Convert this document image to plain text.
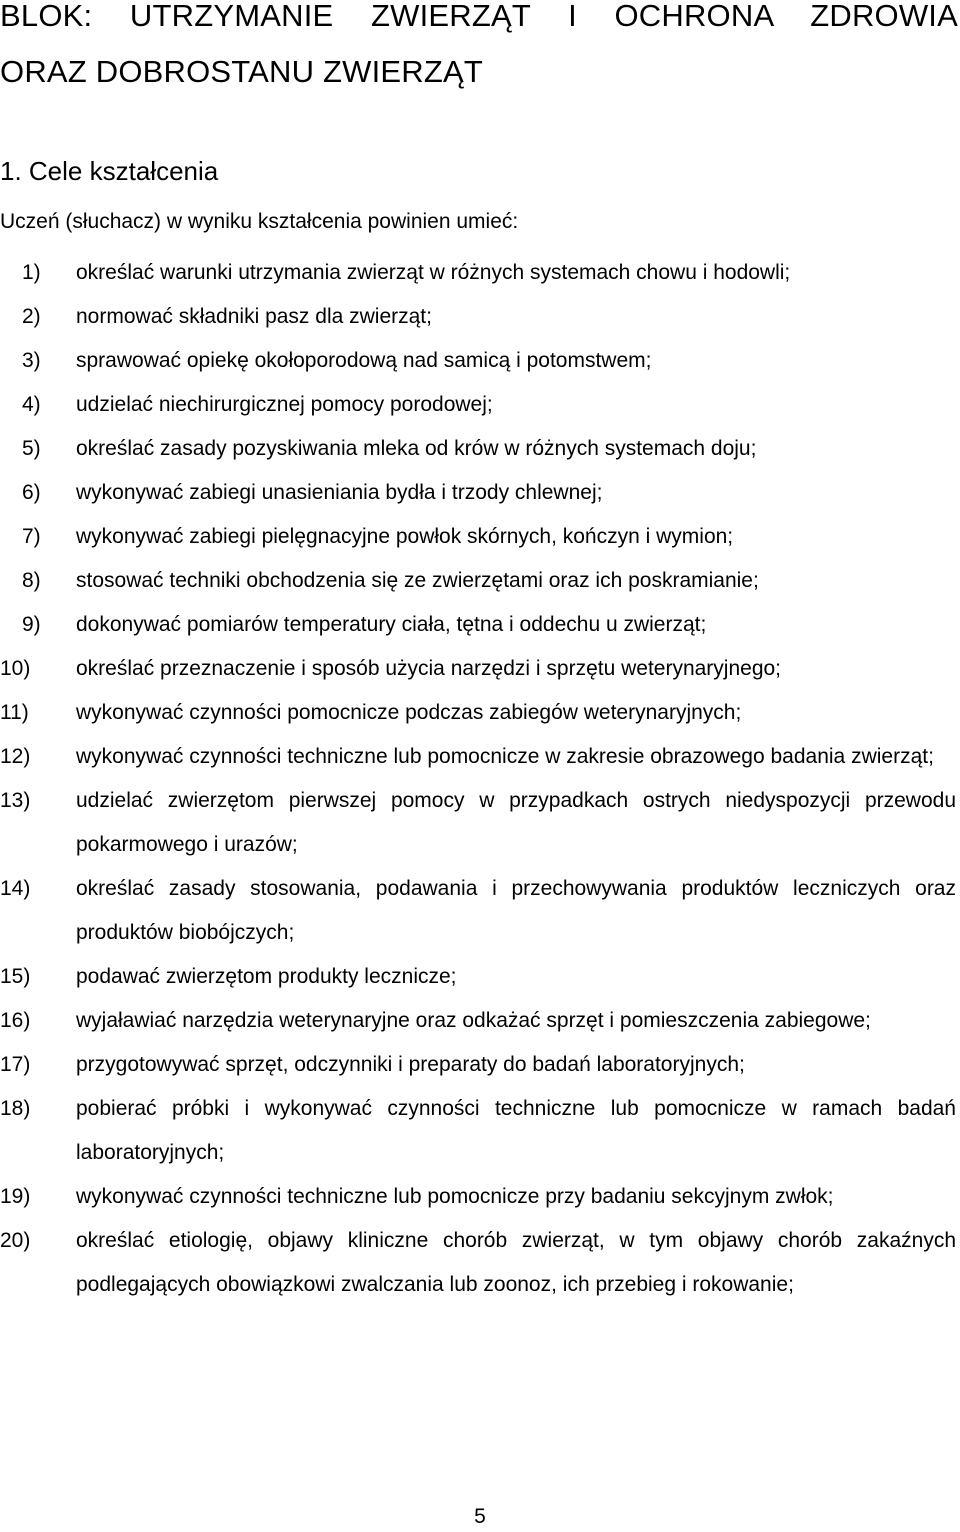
BLOK: UTRZYMANIE ZWIERZĄT I OCHRONA ZDROWIA
ORAZ DOBROSTANU ZWIERZĄT
1. Cele kształcenia
Uczeń (słuchacz) w wyniku kształcenia powinien umieć:
1)	określać warunki utrzymania zwierząt w różnych systemach chowu i hodowli;
2)	normować składniki pasz dla zwierząt;
3)	sprawować opiekę okołoporodową nad samicą i potomstwem;
4)	udzielać niechirurgicznej pomocy porodowej;
5)	określać zasady pozyskiwania mleka od krów w różnych systemach doju;
6)	wykonywać zabiegi unasieniania bydła i trzody chlewnej;
7)	wykonywać zabiegi pielęgnacyjne powłok skórnych, kończyn i wymion;
8)	stosować techniki obchodzenia się ze zwierzętami oraz ich poskramianie;
9)	dokonywać pomiarów temperatury ciała, tętna i oddechu u zwierząt;
10)	określać przeznaczenie i sposób użycia narzędzi i sprzętu weterynaryjnego;
11)	wykonywać czynności pomocnicze podczas zabiegów weterynaryjnych;
12)	wykonywać czynności techniczne lub pomocnicze w zakresie obrazowego badania zwierząt;
13)	udzielać zwierzętom pierwszej pomocy w przypadkach ostrych niedyspozycji przewodu pokarmowego i urazów;
14)	określać zasady stosowania, podawania i przechowywania produktów leczniczych oraz produktów biobójczych;
15)	podawać zwierzętom produkty lecznicze;
16)	wyjaławiać narzędzia weterynaryjne oraz odkażać sprzęt i pomieszczenia zabiegowe;
17)	przygotowywać sprzęt, odczynniki i preparaty do badań laboratoryjnych;
18)	pobierać próbki i wykonywać czynności techniczne lub pomocnicze w ramach badań laboratoryjnych;
19)	wykonywać czynności techniczne lub pomocnicze przy badaniu sekcyjnym zwłok;
20)	określać etiologię, objawy kliniczne chorób zwierząt, w tym objawy chorób zakaźnych podlegających obowiązkowi zwalczania lub zoonoz, ich przebieg i rokowanie;
5
